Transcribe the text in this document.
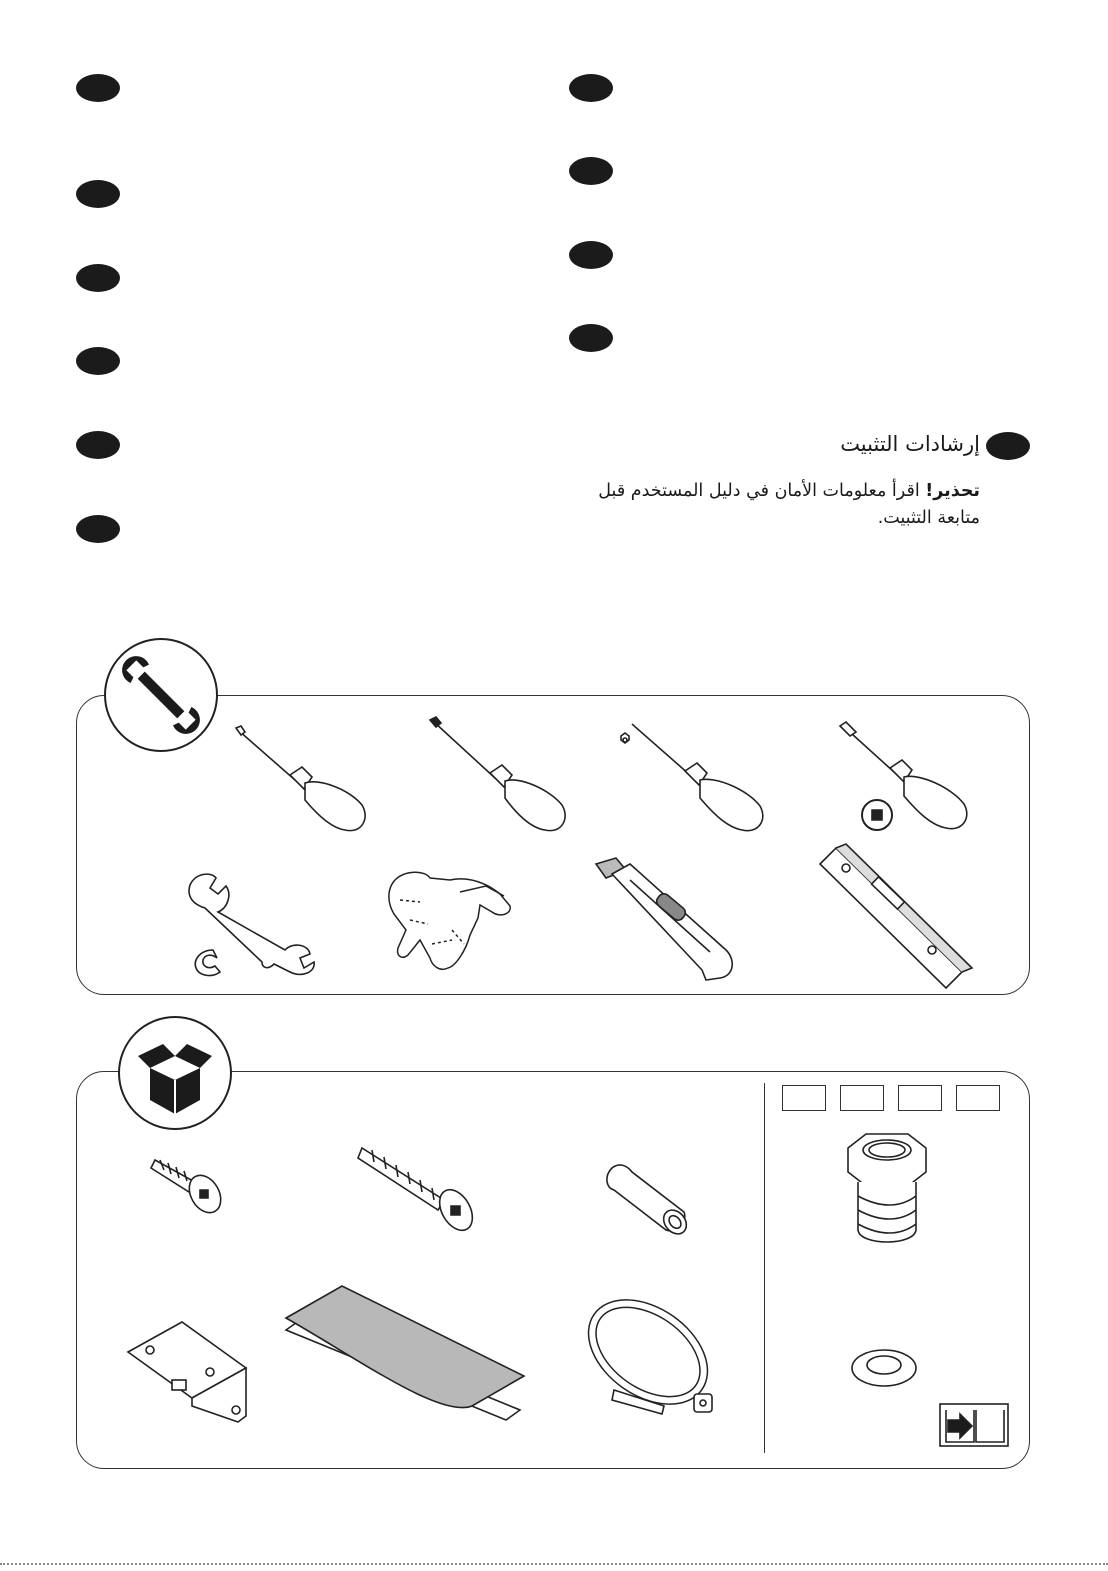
إرشادات التثبيت
تحذير! اقرأ معلومات الأمان في دليل المستخدم قبل متابعة التثبيت.
